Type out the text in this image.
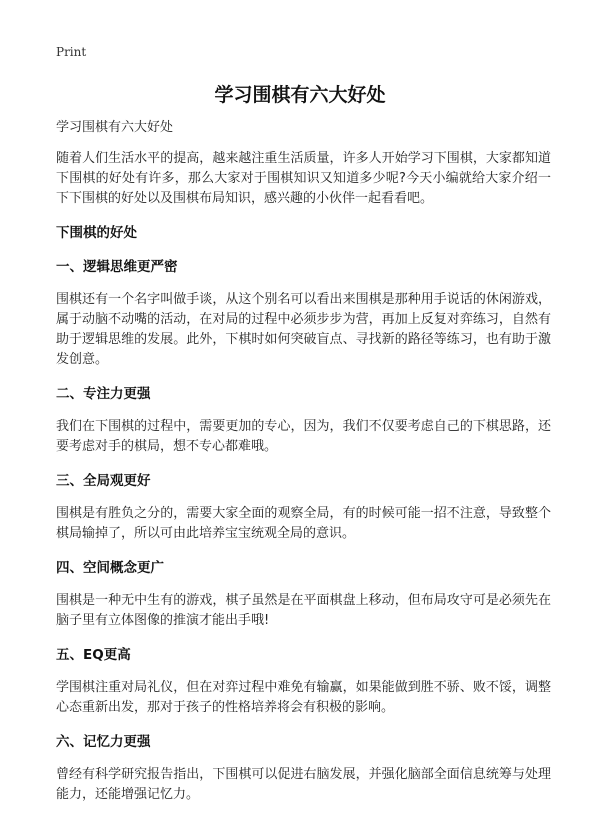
Print
学习围棋有六大好处

学习围棋有六大好处

随着人们生活水平的提高，越来越注重生活质量，许多人开始学习下围棋，大家都知道下围棋的好处有许多，那么大家对于围棋知识又知道多少呢?今天小编就给大家介绍一下下围棋的好处以及围棋布局知识，感兴趣的小伙伴一起看看吧。

下围棋的好处
一、逻辑思维更严密

围棋还有一个名字叫做手谈，从这个别名可以看出来围棋是那种用手说话的休闲游戏，属于动脑不动嘴的活动，在对局的过程中必须步步为营，再加上反复对弈练习，自然有助于逻辑思维的发展。此外，下棋时如何突破盲点、寻找新的路径等练习，也有助于激发创意。

二、专注力更强

我们在下围棋的过程中，需要更加的专心，因为，我们不仅要考虑自己的下棋思路，还要考虑对手的棋局，想不专心都难哦。

三、全局观更好

围棋是有胜负之分的，需要大家全面的观察全局，有的时候可能一招不注意，导致整个棋局输掉了，所以可由此培养宝宝统观全局的意识。

四、空间概念更广

围棋是一种无中生有的游戏，棋子虽然是在平面棋盘上移动，但布局攻守可是必须先在脑子里有立体图像的推演才能出手哦!

五、EQ更高

学围棋注重对局礼仪，但在对弈过程中难免有输赢，如果能做到胜不骄、败不馁，调整心态重新出发，那对于孩子的性格培养将会有积极的影响。

六、记忆力更强

曾经有科学研究报告指出，下围棋可以促进右脑发展，并强化脑部全面信息统筹与处理能力，还能增强记忆力。
